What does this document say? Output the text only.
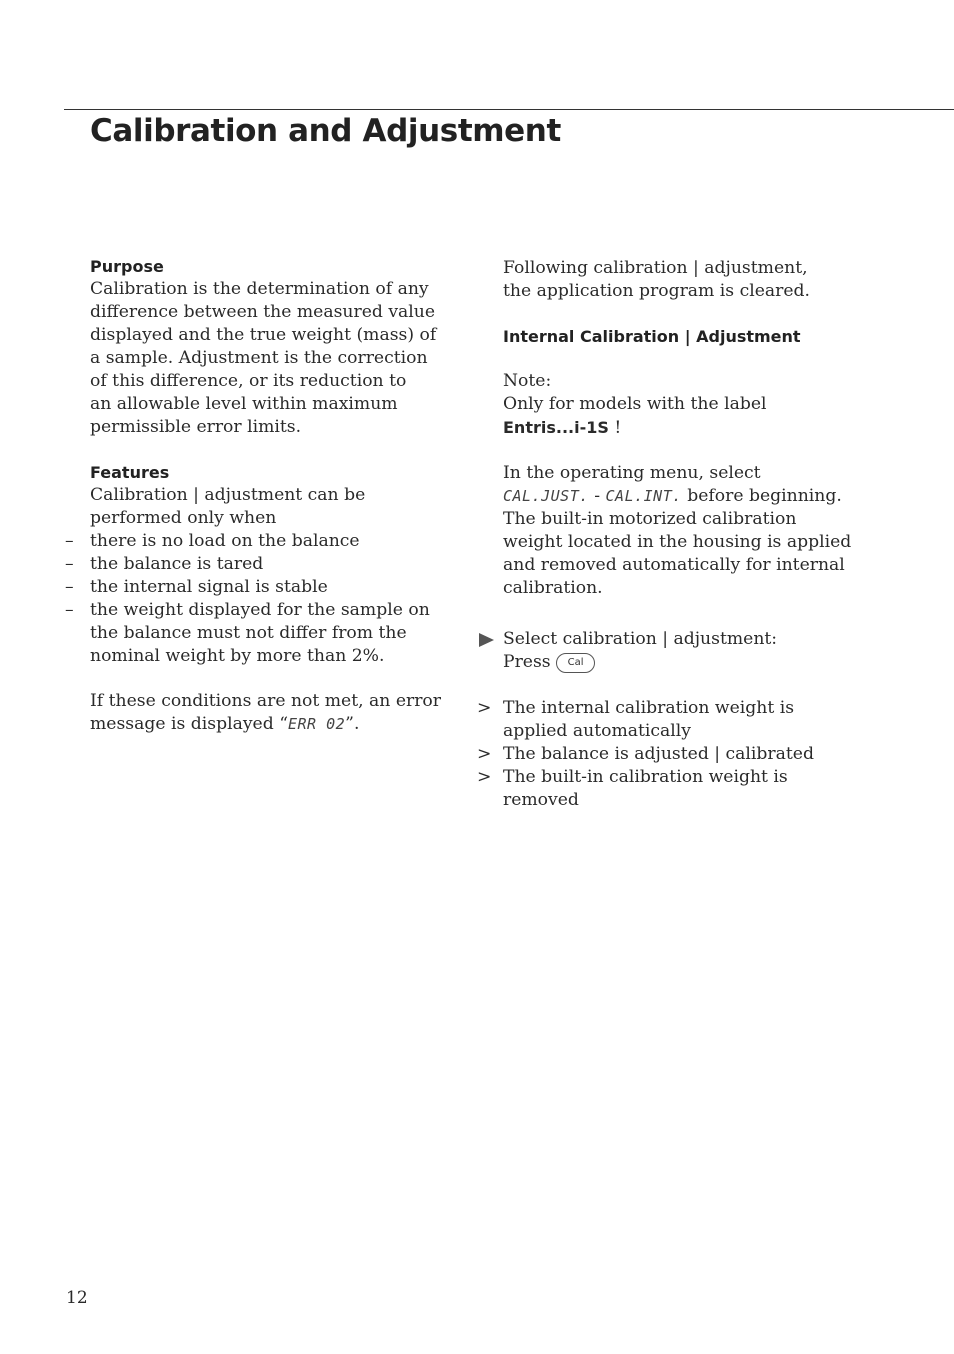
Calibration and Adjustment
Purpose
Calibration is the determination of any
difference between the measured value
displayed and the true weight (mass) of
a sample. Adjustment is the correction
of this difference, or its reduction to
an allowable level within maximum
permissible error limits.
Features
Calibration | adjustment can be
performed only when
– there is no load on the balance
– the balance is tared
– the internal signal is stable
– the weight displayed for the sample on
the balance must not differ from the
nominal weight by more than 2%.
If these conditions are not met, an error
message is displayed “ERR 02”.
Following calibration | adjustment,
the application program is cleared.
Internal Calibration | Adjustment
Note:
Only for models with the label
Entris...i-1S !
In the operating menu, select
CAL.JUST. - CAL.INT. before beginning.
The built-in motorized calibration
weight located in the housing is applied
and removed automatically for internal
calibration.
Select calibration | adjustment:
Press Cal
> The internal calibration weight is
applied automatically
> The balance is adjusted | calibrated
> The built-in calibration weight is
removed
12
